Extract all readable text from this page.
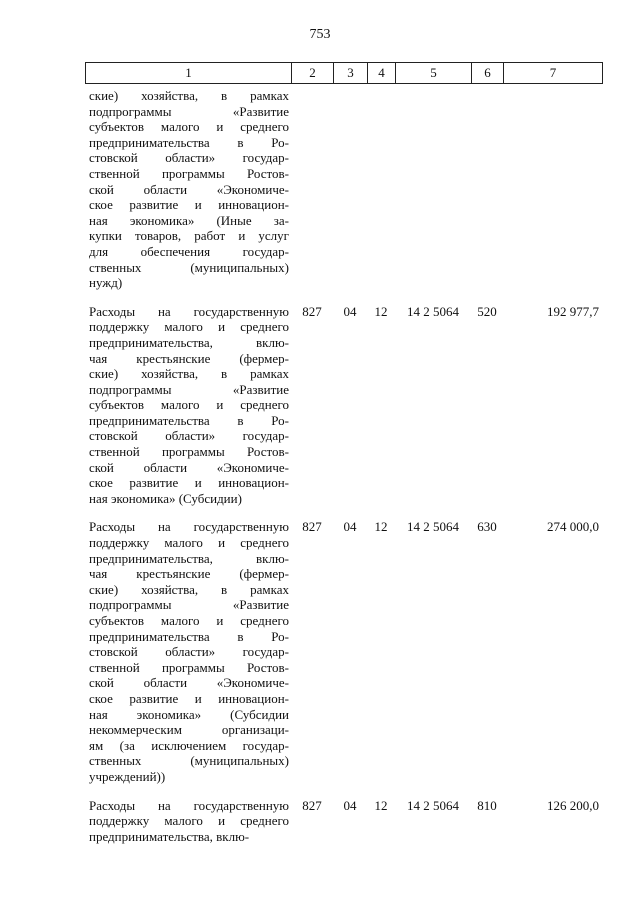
753
1	2	3	4	5	6	7
ские) хозяйства, в рамках
подпрограммы «Развитие
субъектов малого и среднего
предпринимательства в Ро-
стовской области» государ-
ственной программы Ростов-
ской области «Экономиче-
ское развитие и инновацион-
ная экономика» (Иные за-
купки товаров, работ и услуг
для обеспечения государ-
ственных (муниципальных)
нужд)
Расходы на государственную
поддержку малого и среднего
предпринимательства, вклю-
чая крестьянские (фермер-
ские) хозяйства, в рамках
подпрограммы «Развитие
субъектов малого и среднего
предпринимательства в Ро-
стовской области» государ-
ственной программы Ростов-
ской области «Экономиче-
ское развитие и инновацион-
ная экономика» (Субсидии)
827	04	12	14 2 5064	520	192 977,7
Расходы на государственную
поддержку малого и среднего
предпринимательства, вклю-
чая крестьянские (фермер-
ские) хозяйства, в рамках
подпрограммы «Развитие
субъектов малого и среднего
предпринимательства в Ро-
стовской области» государ-
ственной программы Ростов-
ской области «Экономиче-
ское развитие и инновацион-
ная экономика» (Субсидии
некоммерческим организаци-
ям (за исключением государ-
ственных (муниципальных)
учреждений))
827	04	12	14 2 5064	630	274 000,0
Расходы на государственную
поддержку малого и среднего
предпринимательства, вклю-
827	04	12	14 2 5064	810	126 200,0
